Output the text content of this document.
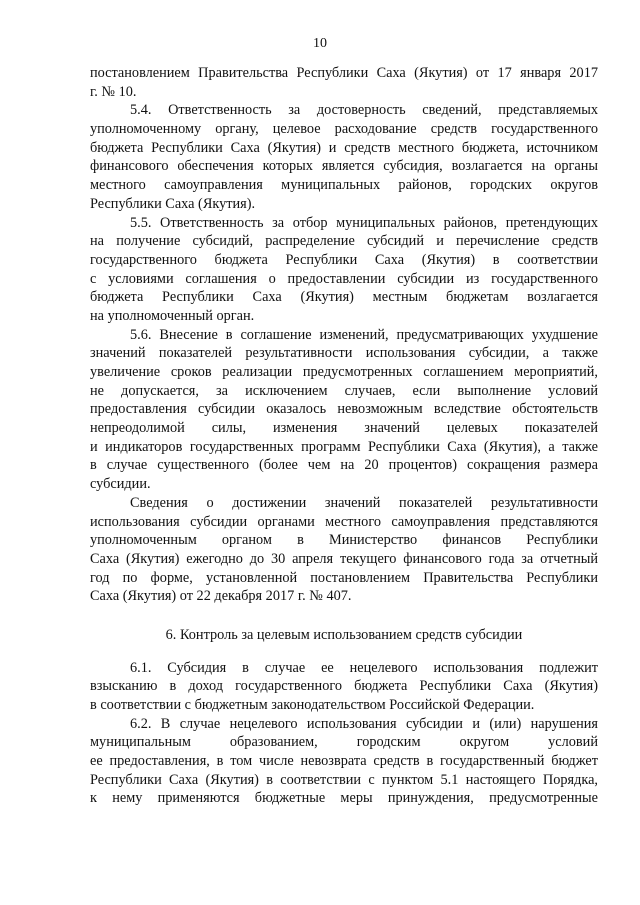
10
постановлением Правительства Республики Саха (Якутия) от 17 января 2017
г. № 10.
5.4. Ответственность за достоверность сведений, представляемых
уполномоченному органу, целевое расходование средств государственного
бюджета Республики Саха (Якутия) и средств местного бюджета, источником
финансового обеспечения которых является субсидия, возлагается на органы
местного самоуправления муниципальных районов, городских округов
Республики Саха (Якутия).
5.5. Ответственность за отбор муниципальных районов, претендующих
на получение субсидий, распределение субсидий и перечисление средств
государственного бюджета Республики Саха (Якутия) в соответствии
с условиями соглашения о предоставлении субсидии из государственного
бюджета Республики Саха (Якутия) местным бюджетам возлагается
на уполномоченный орган.
5.6. Внесение в соглашение изменений, предусматривающих ухудшение
значений показателей результативности использования субсидии, а также
увеличение сроков реализации предусмотренных соглашением мероприятий,
не допускается, за исключением случаев, если выполнение условий
предоставления субсидии оказалось невозможным вследствие обстоятельств
непреодолимой силы, изменения значений целевых показателей
и индикаторов государственных программ Республики Саха (Якутия), а также
в случае существенного (более чем на 20 процентов) сокращения размера
субсидии.
Сведения о достижении значений показателей результативности
использования субсидии органами местного самоуправления представляются
уполномоченным органом в Министерство финансов Республики
Саха (Якутия) ежегодно до 30 апреля текущего финансового года за отчетный
год по форме, установленной постановлением Правительства Республики
Саха (Якутия) от 22 декабря 2017 г. № 407.
6. Контроль за целевым использованием средств субсидии
6.1. Субсидия в случае ее нецелевого использования подлежит
взысканию в доход государственного бюджета Республики Саха (Якутия)
в соответствии с бюджетным законодательством Российской Федерации.
6.2. В случае нецелевого использования субсидии и (или) нарушения
муниципальным образованием, городским округом условий
ее предоставления, в том числе невозврата средств в государственный бюджет
Республики Саха (Якутия) в соответствии с пунктом 5.1 настоящего Порядка,
к нему применяются бюджетные меры принуждения, предусмотренные
